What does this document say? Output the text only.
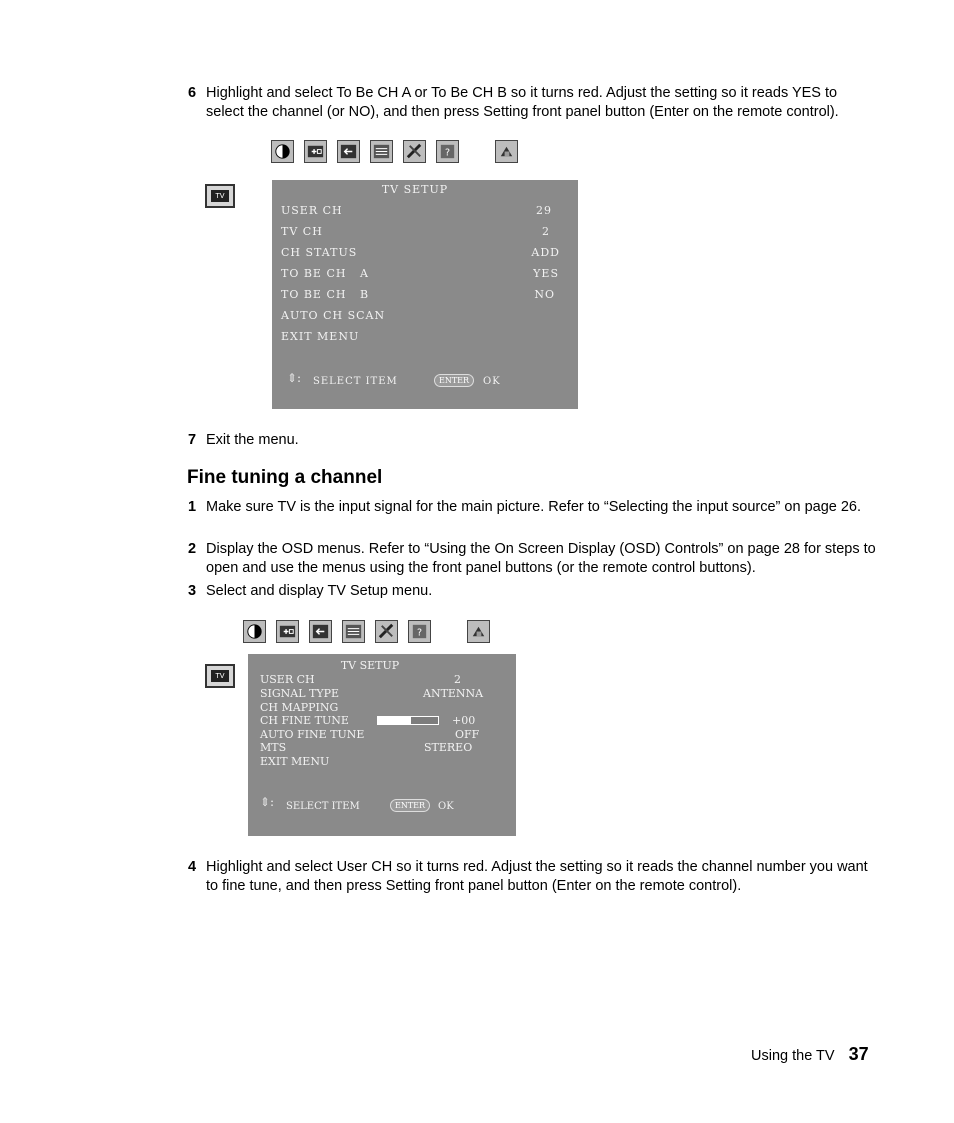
6 Highlight and select To Be CH A or To Be CH B so it turns red. Adjust the setting so it reads YES to select the channel (or NO), and then press Setting front panel button (Enter on the remote control).
?
TV	TV SETUP
USER CH	29
TV CH	2
CH STATUS	ADD
TO BE CH   A	YES
TO BE CH   B	NO
AUTO CH SCAN
EXIT MENU
⇕: SELECT ITEM	ENTER	OK
7 Exit the menu.
Fine tuning a channel
1 Make sure TV is the input signal for the main picture. Refer to “Selecting the input source” on page 26.
2 Display the OSD menus. Refer to “Using the On Screen Display (OSD) Controls” on page 28 for steps to open and use the menus using the front panel buttons (or the remote control buttons).
3 Select and display TV Setup menu.
?
TV
TV SETUP
USER CH	2
SIGNAL TYPE	ANTENNA
CH MAPPING
CH FINE TUNE	+00
AUTO FINE TUNE	OFF
MTS	STEREO
EXIT MENU
⇕: SELECT ITEM	ENTER	OK
4 Highlight and select User CH so it turns red. Adjust the setting so it reads the channel number you want to fine tune, and then press Setting front panel button (Enter on the remote control).
Using the TV 37
